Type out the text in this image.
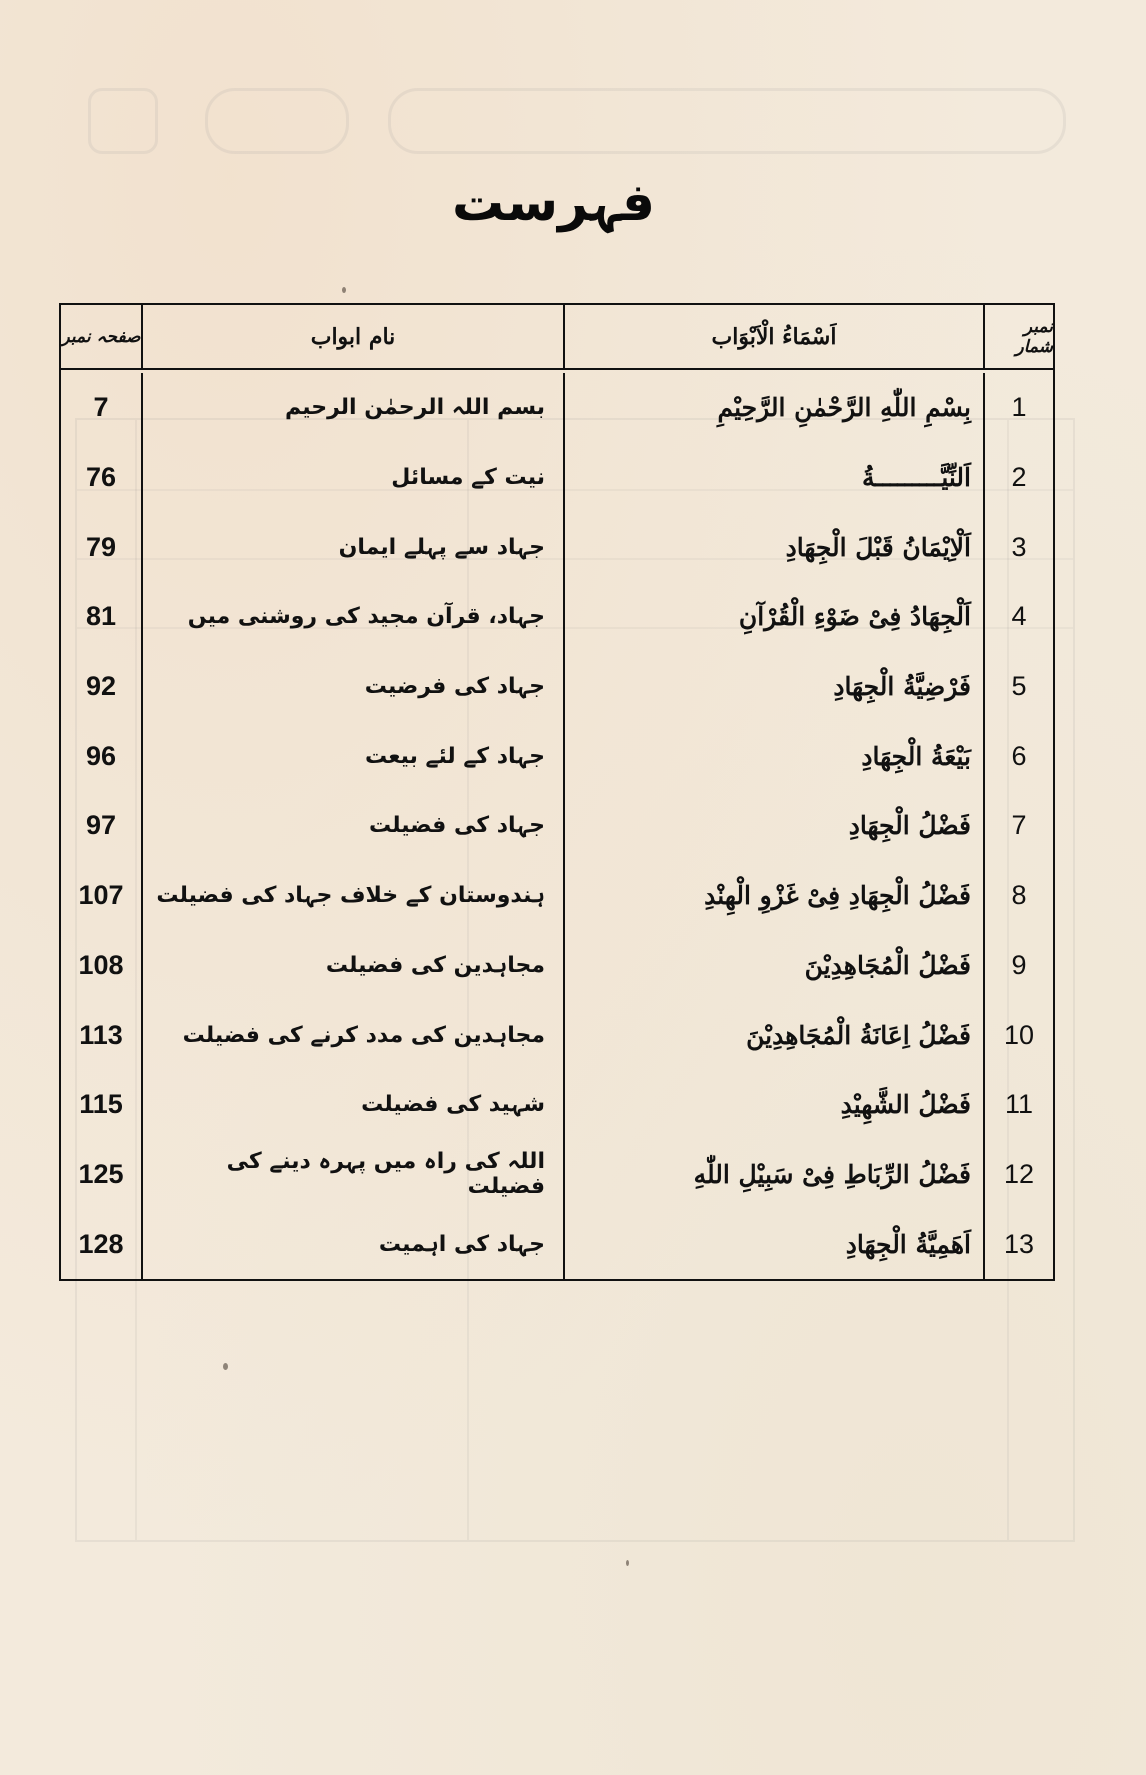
فہرست
صفحہ نمبر	نام ابواب	اَسْمَاءُ الْاَبْوَاب	نمبر شمار
7	بسم اللہ الرحمٰن الرحیم	بِسْمِ اللّٰهِ الرَّحْمٰنِ الرَّحِيْمِ	1
76	نیت کے مسائل	اَلنِّيَّـــــــــةُ	2
79	جہاد سے پہلے ایمان	اَلْاِيْمَانُ قَبْلَ الْجِهَادِ	3
81	جہاد، قرآن مجید کی روشنی میں	اَلْجِهَادُ فِىْ ضَوْءِ الْقُرْآنِ	4
92	جہاد کی فرضیت	فَرْضِيَّةُ الْجِهَادِ	5
96	جہاد کے لئے بیعت	بَيْعَةُ الْجِهَادِ	6
97	جہاد کی فضیلت	فَضْلُ الْجِهَادِ	7
107	ہندوستان کے خلاف جہاد کی فضیلت	فَضْلُ الْجِهَادِ فِىْ غَزْوِ الْهِنْدِ	8
108	مجاہدین کی فضیلت	فَضْلُ الْمُجَاهِدِيْنَ	9
113	مجاہدین کی مدد کرنے کی فضیلت	فَضْلُ اِعَانَةُ الْمُجَاهِدِيْنَ	10
115	شہید کی فضیلت	فَضْلُ الشَّهِيْدِ	11
125	اللہ کی راہ میں پہرہ دینے کی فضیلت	فَضْلُ الرِّبَاطِ فِىْ سَبِيْلِ اللّٰهِ	12
128	جہاد کی اہمیت	اَهَمِيَّةُ الْجِهَادِ	13
